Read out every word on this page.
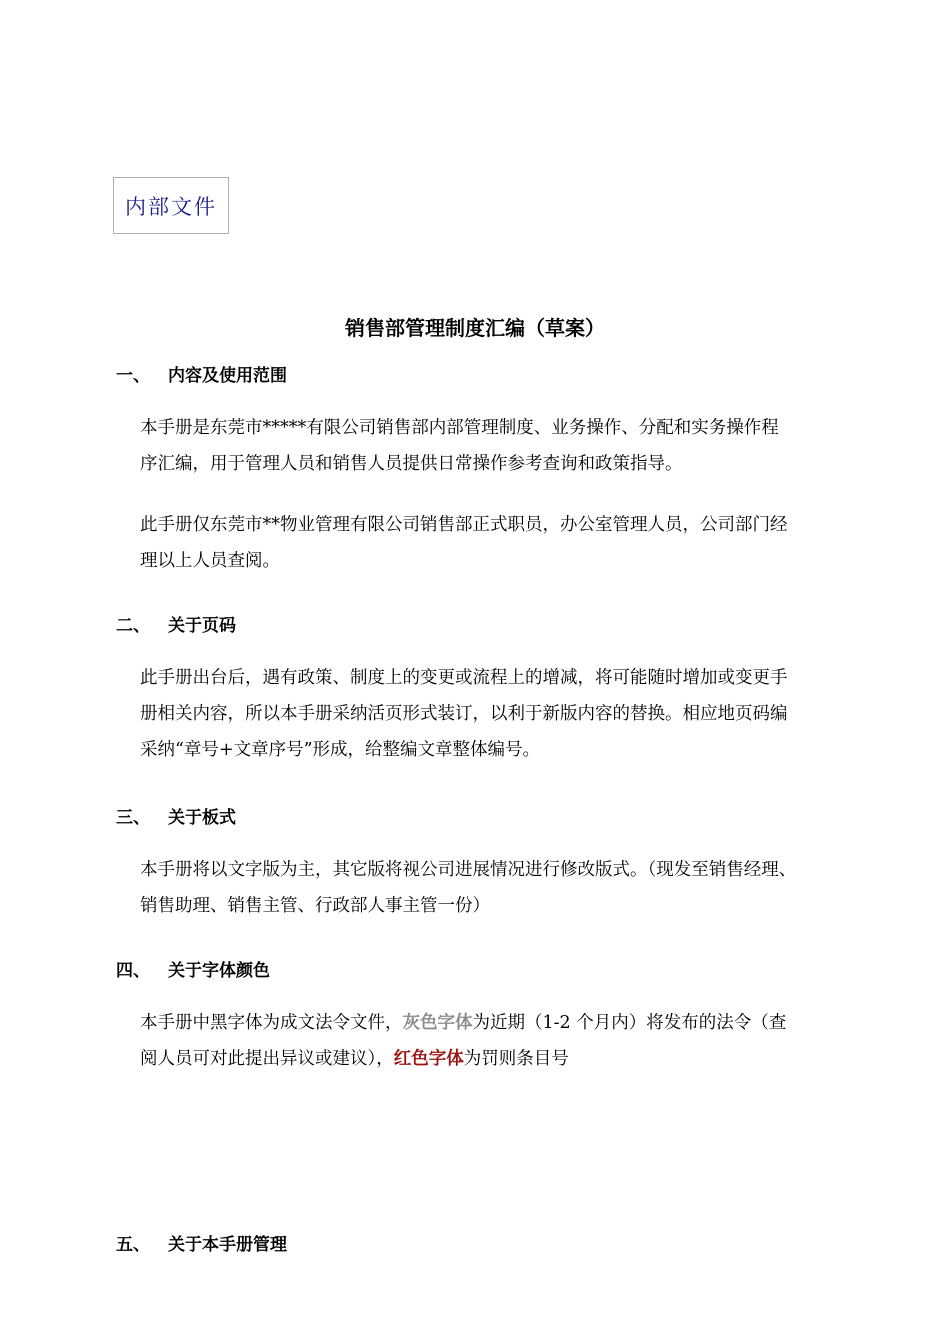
内部文件
销售部管理制度汇编（草案）
一、 内容及使用范围
本手册是东莞市*****有限公司销售部内部管理制度、业务操作、分配和实务操作程
序汇编，用于管理人员和销售人员提供日常操作参考查询和政策指导。
此手册仅东莞市**物业管理有限公司销售部正式职员，办公室管理人员，公司部门经
理以上人员查阅。
二、 关于页码
此手册出台后，遇有政策、制度上的变更或流程上的增减，将可能随时增加或变更手
册相关内容，所以本手册采纳活页形式装订，以利于新版内容的替换。相应地页码编
采纳“章号+文章序号”形成，给整编文章整体编号。
三、 关于板式
本手册将以文字版为主，其它版将视公司进展情况进行修改版式。（现发至销售经理、
销售助理、销售主管、行政部人事主管一份）
四、 关于字体颜色
本手册中黑字体为成文法令文件，灰色字体为近期（1-2 个月内）将发布的法令（查
阅人员可对此提出异议或建议），红色字体为罚则条目号
五、 关于本手册管理
